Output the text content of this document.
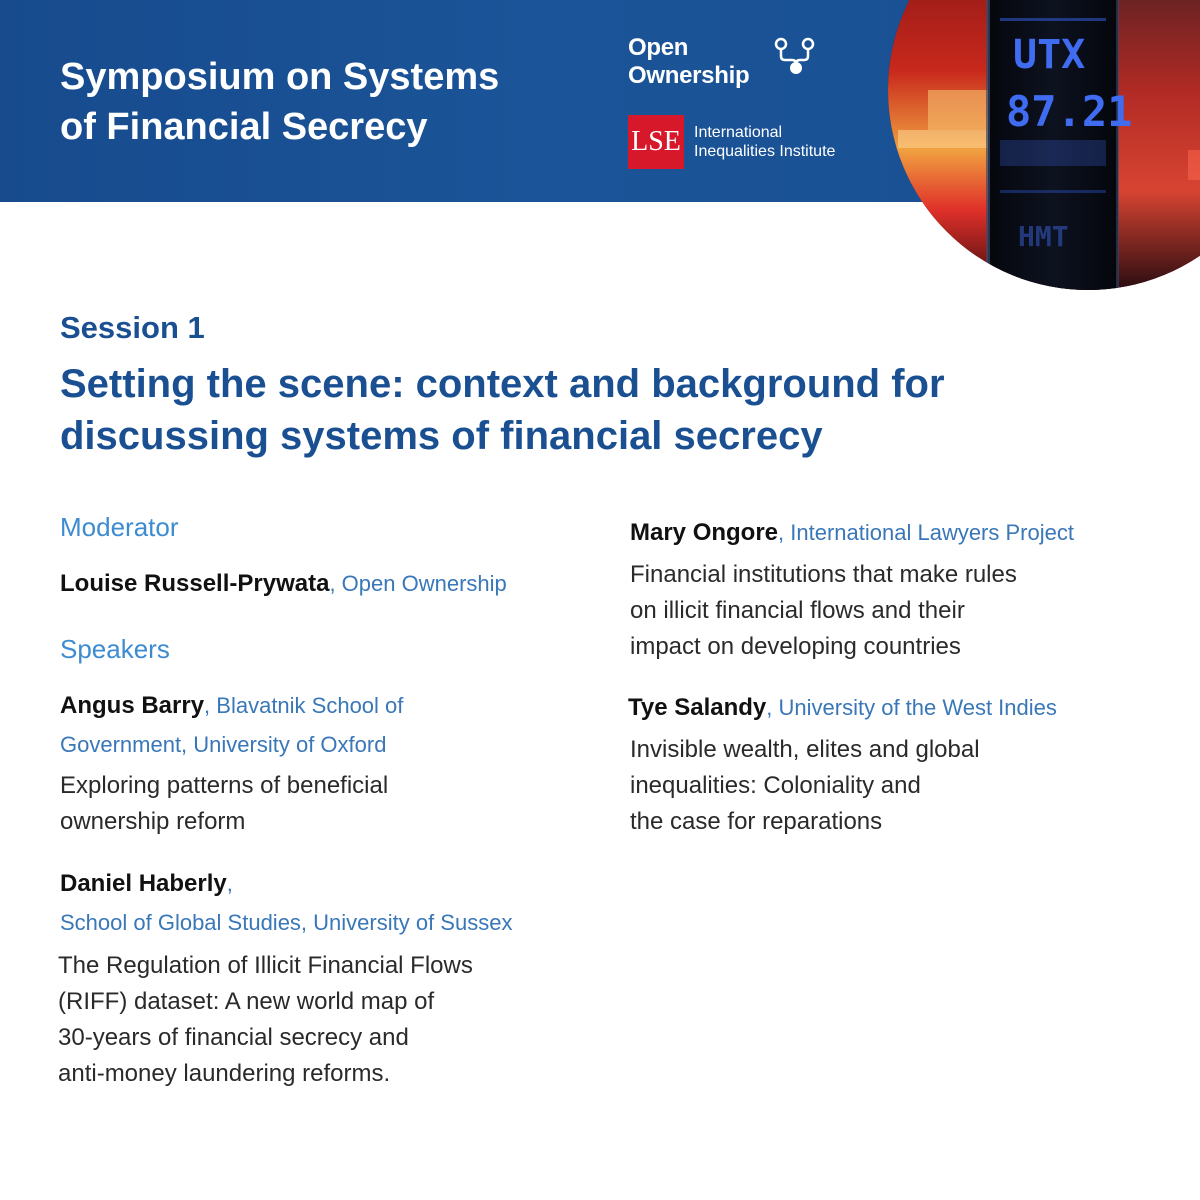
Symposium on Systems
of Financial Secrecy
Open
Ownership
LSE International
Inequalities Institute
UTX
87.21
HMT
Session 1
Setting the scene: context and background for
discussing systems of financial secrecy
Moderator
Louise Russell-Prywata, Open Ownership
Speakers
Angus Barry, Blavatnik School of
Government, University of Oxford
Exploring patterns of beneficial
ownership reform
Daniel Haberly,
School of Global Studies, University of Sussex
The Regulation of Illicit Financial Flows
(RIFF) dataset: A new world map of
30-years of financial secrecy and
anti-money laundering reforms.
Mary Ongore, International Lawyers Project
Financial institutions that make rules
on illicit financial flows and their
impact on developing countries
Tye Salandy, University of the West Indies
Invisible wealth, elites and global
inequalities: Coloniality and
the case for reparations
